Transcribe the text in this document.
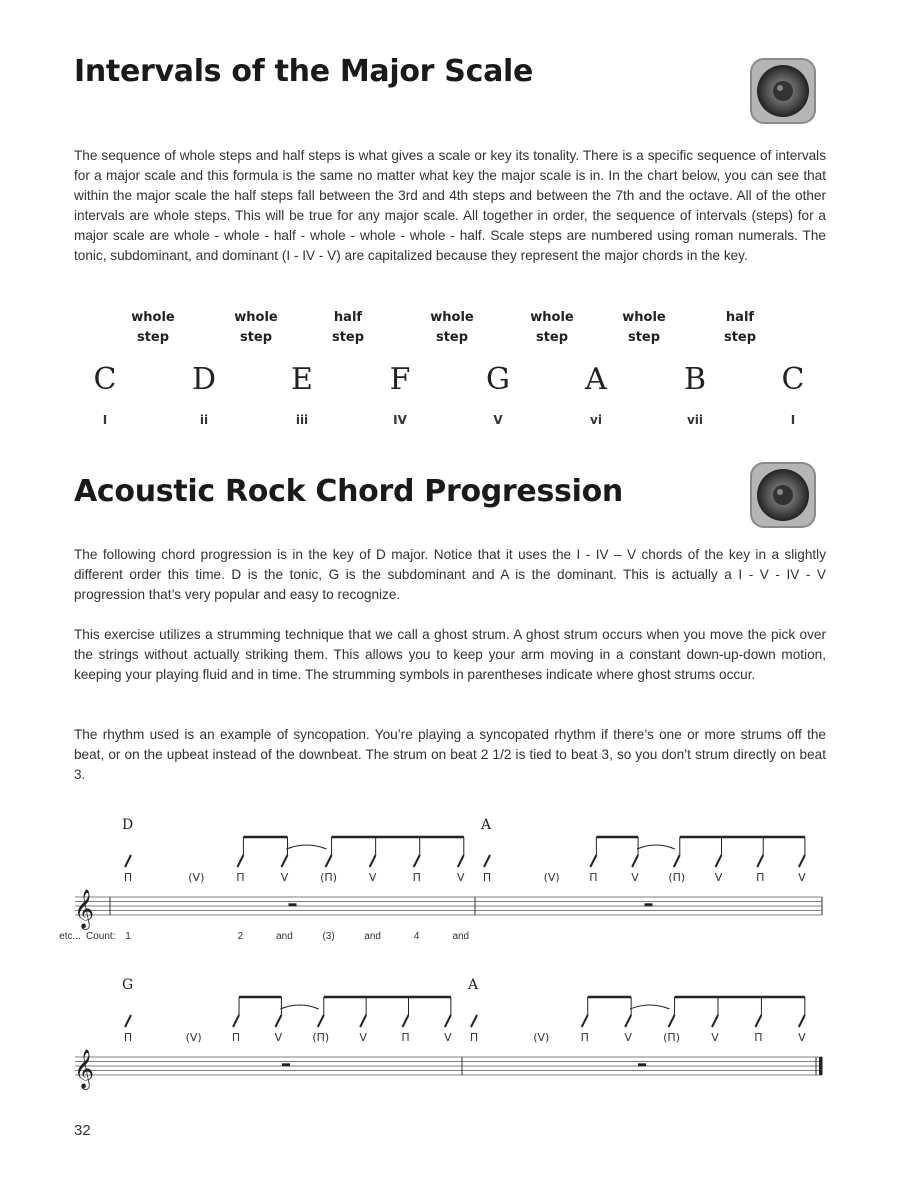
Intervals of the Major Scale

The sequence of whole steps and half steps is what gives a scale or key its tonality. There is a specific sequence of intervals for a major scale and this formula is the same no matter what key the major scale is in. In the chart below, you can see that within the major scale the half steps fall between the 3rd and 4th steps and between the 7th and the octave. All of the other intervals are whole steps. This will be true for any major scale. All together in order, the sequence of intervals (steps) for a major scale are whole - whole - half - whole - whole - whole - half. Scale steps are numbered using roman numerals. The tonic, subdominant, and dominant (I - IV - V) are capitalized because they represent the major chords in the key.

whole
step
whole
step
half
step
whole
step
whole
step
whole
step
half
step
C	D	E	F	G	A	B	C
I	ii	iii	IV	V	vi	vii	I
Acoustic Rock Chord Progression

The following chord progression is in the key of D major. Notice that it uses the I - IV – V chords of the key in a slightly different order this time. D is the tonic, G is the subdominant and A is the dominant. This is actually a I - V - IV - V progression that’s very popular and easy to recognize.

This exercise utilizes a strumming technique that we call a ghost strum. A ghost strum occurs when you move the pick over the strings without actually striking them. This allows you to keep your arm moving in a constant down-up-down motion, keeping your playing fluid and in time. The strumming symbols in parentheses indicate where ghost strums occur.

The rhythm used is an example of syncopation. You’re playing a syncopated rhythm if there’s one or more strums off the beat, or on the upbeat instead of the downbeat. The strum on beat 2 1/2 is tied to beat 3, so you don’t strum directly on beat 3.

𝄞
D
Π	(V)	Π	V	(Π)	V	Π	V
Count: 1	2	and	(3)	and	4	and
etc...
A
Π	(V)	Π	V	(Π)	V	Π	V
𝄞
G
Π	(V)	Π	V	(Π)	V	Π	V
A
Π	(V)	Π	V	(Π)	V	Π	V
32
